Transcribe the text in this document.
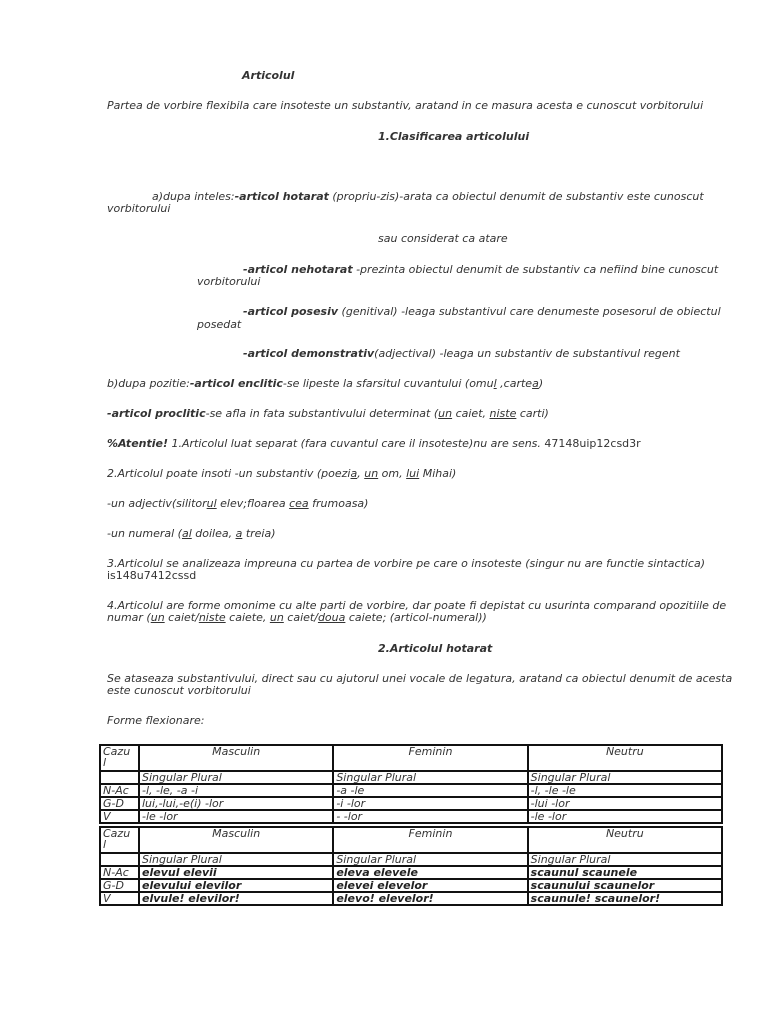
Articolul
Partea de vorbire flexibila care insoteste un substantiv, aratand in ce masura acesta e cunoscut vorbitorului
1.Clasificarea articolului
a)dupa inteles:-articol hotarat (propriu-zis)-arata ca obiectul denumit de substantiv este cunoscut
vorbitorului
sau considerat ca atare
-articol nehotarat -prezinta obiectul denumit de substantiv ca nefiind bine cunoscut
vorbitorului
-articol posesiv (genitival) -leaga substantivul care denumeste posesorul de obiectul
posedat
-articol demonstrativ(adjectival) -leaga un substantiv de substantivul regent
b)dupa pozitie:-articol enclitic-se lipeste la sfarsitul cuvantului (omul ,cartea)
-articol proclitic-se afla in fata substantivului determinat (un caiet, niste carti)
%Atentie! 1.Articolul luat separat (fara cuvantul care il insoteste)nu are sens. 47148uip12csd3r
2.Articolul poate insoti -un substantiv (poezia, un om, lui Mihai)
-un adjectiv(silitorul elev;floarea cea frumoasa)
-un numeral (al doilea, a treia)
3.Articolul se analizeaza impreuna cu partea de vorbire pe care o insoteste (singur nu are functie sintactica)
is148u7412cssd
4.Articolul are forme omonime cu alte parti de vorbire, dar poate fi depistat cu usurinta comparand opozitiile de
numar (un caiet/niste caiete, un caiet/doua caiete; (articol-numeral))
2.Articolul hotarat
Se ataseaza substantivului, direct sau cu ajutorul unei vocale de legatura, aratand ca obiectul denumit de acesta
este cunoscut vorbitorului
Forme flexionare:
Cazu l	Masculin	Feminin	Neutru
	Singular Plural	Singular Plural	Singular Plural
N-Ac	-l, -le, -a -i	-a -le	-l, -le -le
G-D	lui,-lui,-e(i) -lor	-i -lor	-lui -lor
V	-le -lor	- -lor	-le -lor
Cazu l	Masculin	Feminin	Neutru
	Singular Plural	Singular Plural	Singular Plural
N-Ac	elevul elevii	eleva elevele	scaunul scaunele
G-D	elevului elevilor	elevei elevelor	scaunului scaunelor
V	elvule! elevilor!	elevo! elevelor!	scaunule! scaunelor!
